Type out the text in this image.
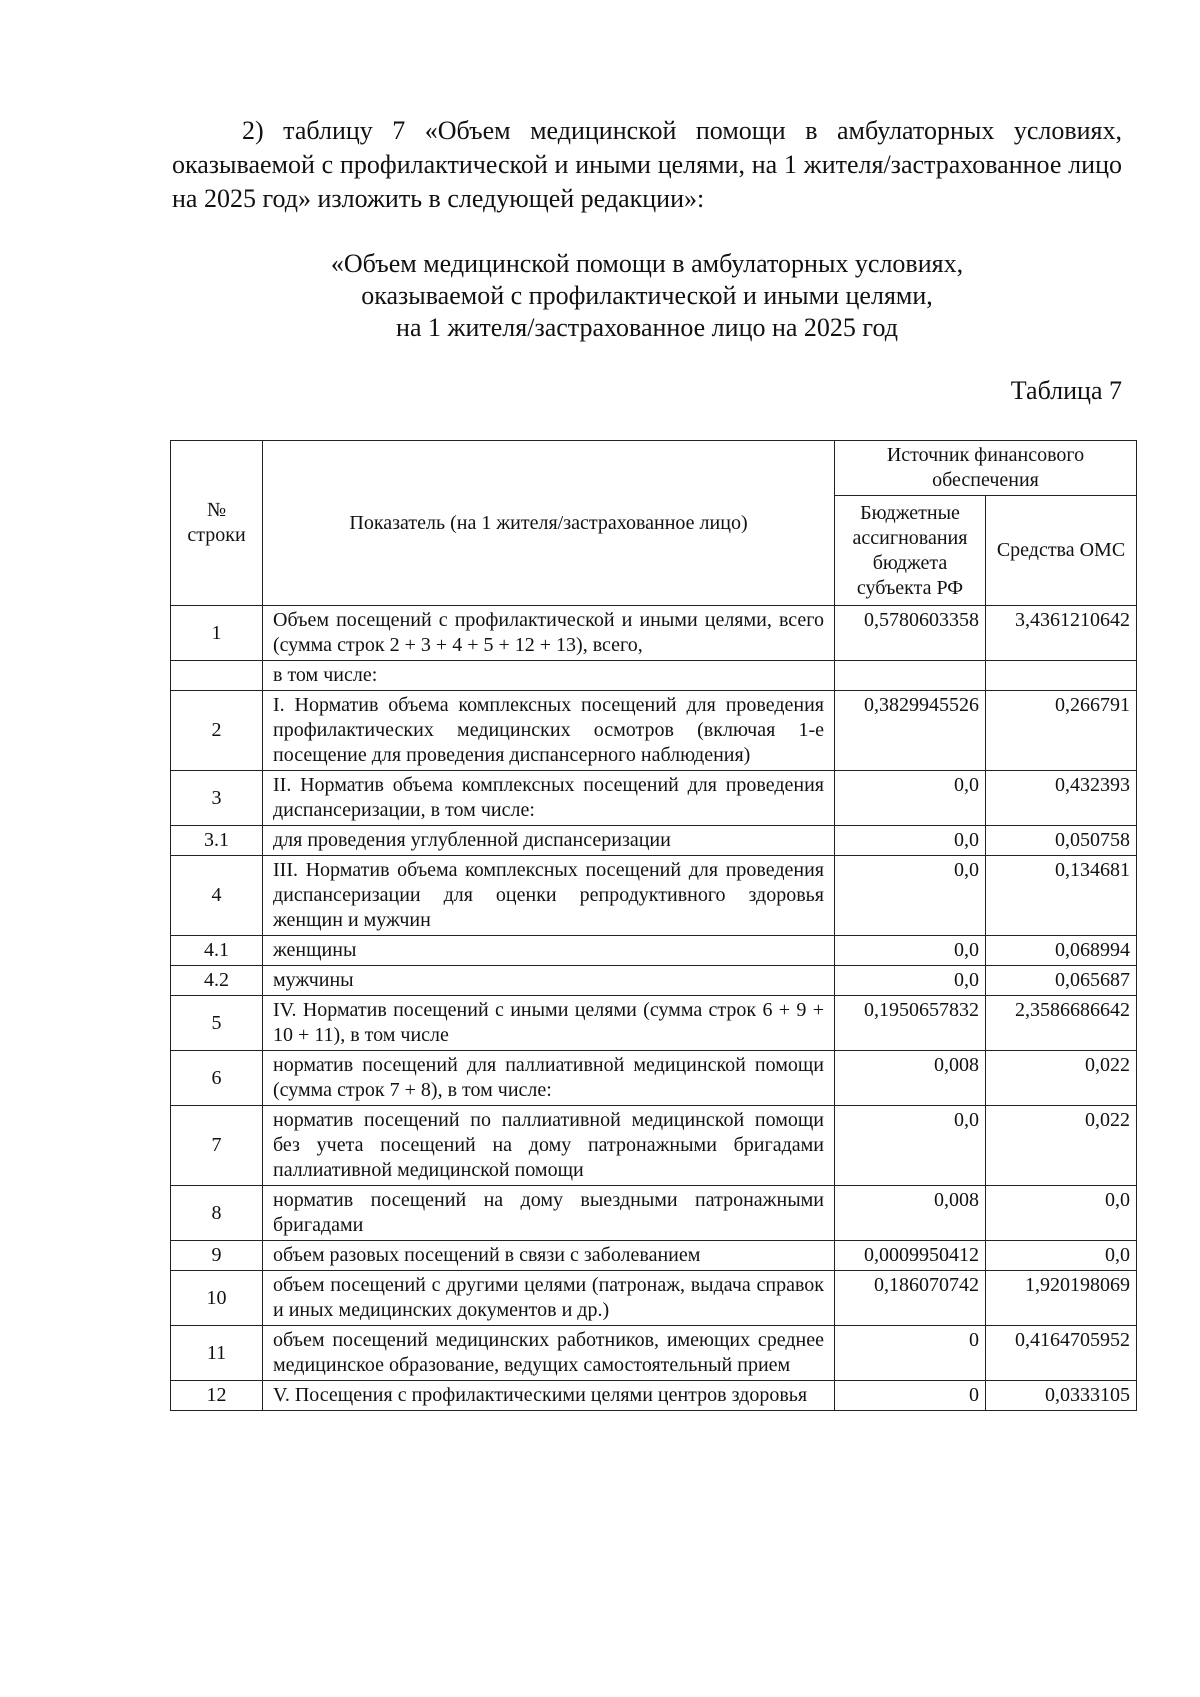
2) таблицу 7 «Объем медицинской помощи в амбулаторных условиях, оказываемой с профилактической и иными целями, на 1 жителя/застрахованное лицо на 2025 год» изложить в следующей редакции»:

«Объем медицинской помощи в амбулаторных условиях,
оказываемой с профилактической и иными целями,
на 1 жителя/застрахованное лицо на 2025 год
Таблица 7
№ строки	Показатель (на 1 жителя/застрахованное лицо)	Источник финансового обеспечения	
		Бюджетные ассигнования бюджета субъекта РФ	Средства ОМС
1	Объем посещений с профилактической и иными целями, всего (сумма строк 2 + 3 + 4 + 5 + 12 + 13), всего,	0,5780603358	3,4361210642
	в том числе:		
2	I. Норматив объема комплексных посещений для проведения профилактических медицинских осмотров (включая 1-е посещение для проведения диспансерного наблюдения)	0,3829945526	0,266791
3	II. Норматив объема комплексных посещений для проведения диспансеризации, в том числе:	0,0	0,432393
3.1	для проведения углубленной диспансеризации	0,0	0,050758
4	III. Норматив объема комплексных посещений для проведения диспансеризации для оценки репродуктивного здоровья женщин и мужчин	0,0	0,134681
4.1	женщины	0,0	0,068994
4.2	мужчины	0,0	0,065687
5	IV. Норматив посещений с иными целями (сумма строк 6 + 9 + 10 + 11), в том числе	0,1950657832	2,3586686642
6	норматив посещений для паллиативной медицинской помощи (сумма строк 7 + 8), в том числе:	0,008	0,022
7	норматив посещений по паллиативной медицинской помощи без учета посещений на дому патронажными бригадами паллиативной медицинской помощи	0,0	0,022
8	норматив посещений на дому выездными патронажными бригадами	0,008	0,0
9	объем разовых посещений в связи с заболеванием	0,0009950412	0,0
10	объем посещений с другими целями (патронаж, выдача справок и иных медицинских документов и др.)	0,186070742	1,920198069
11	объем посещений медицинских работников, имеющих среднее медицинское образование, ведущих самостоятельный прием	0	0,4164705952
12	V. Посещения с профилактическими целями центров здоровья	0	0,0333105
